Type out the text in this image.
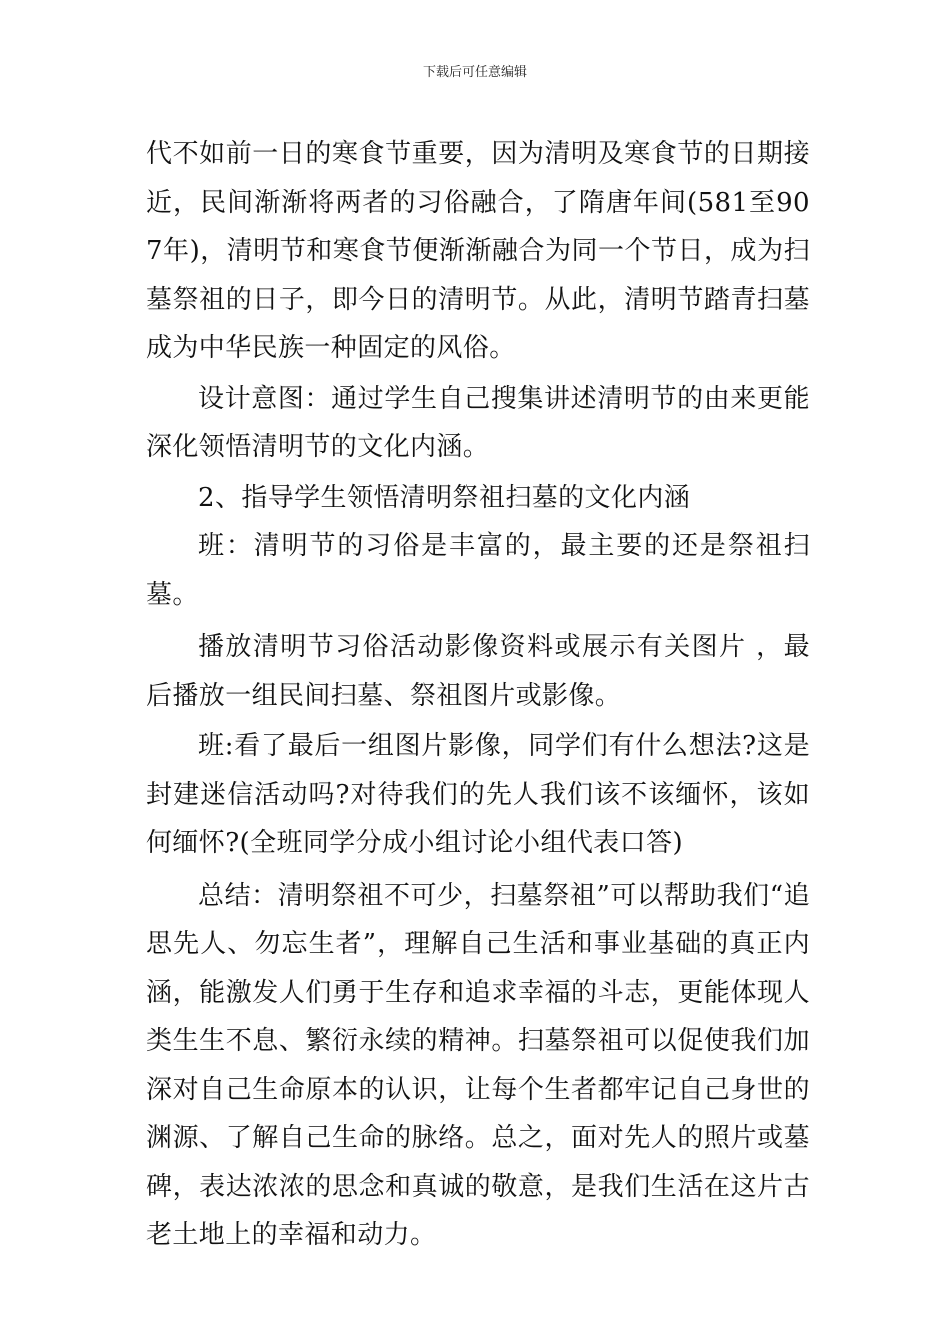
下载后可任意编辑

代不如前一日的寒食节重要，因为清明及寒食节的日期接近，民间渐渐将两者的习俗融合，了隋唐年间(581至907年)，清明节和寒食节便渐渐融合为同一个节日，成为扫墓祭祖的日子，即今日的清明节。从此，清明节踏青扫墓成为中华民族一种固定的风俗。

设计意图：通过学生自己搜集讲述清明节的由来更能深化领悟清明节的文化内涵。

2、指导学生领悟清明祭祖扫墓的文化内涵

班：清明节的习俗是丰富的，最主要的还是祭祖扫墓。

播放清明节习俗活动影像资料或展示有关图片 ，最后播放一组民间扫墓、祭祖图片或影像。

班:看了最后一组图片影像，同学们有什么想法?这是封建迷信活动吗?对待我们的先人我们该不该缅怀，该如何缅怀?(全班同学分成小组讨论小组代表口答)

总结：清明祭祖不可少，扫墓祭祖”可以帮助我们“追思先人、勿忘生者”，理解自己生活和事业基础的真正内涵，能激发人们勇于生存和追求幸福的斗志，更能体现人类生生不息、繁衍永续的精神。扫墓祭祖可以促使我们加深对自己生命原本的认识，让每个生者都牢记自己身世的渊源、了解自己生命的脉络。总之，面对先人的照片或墓碑，表达浓浓的思念和真诚的敬意，是我们生活在这片古老土地上的幸福和动力。
